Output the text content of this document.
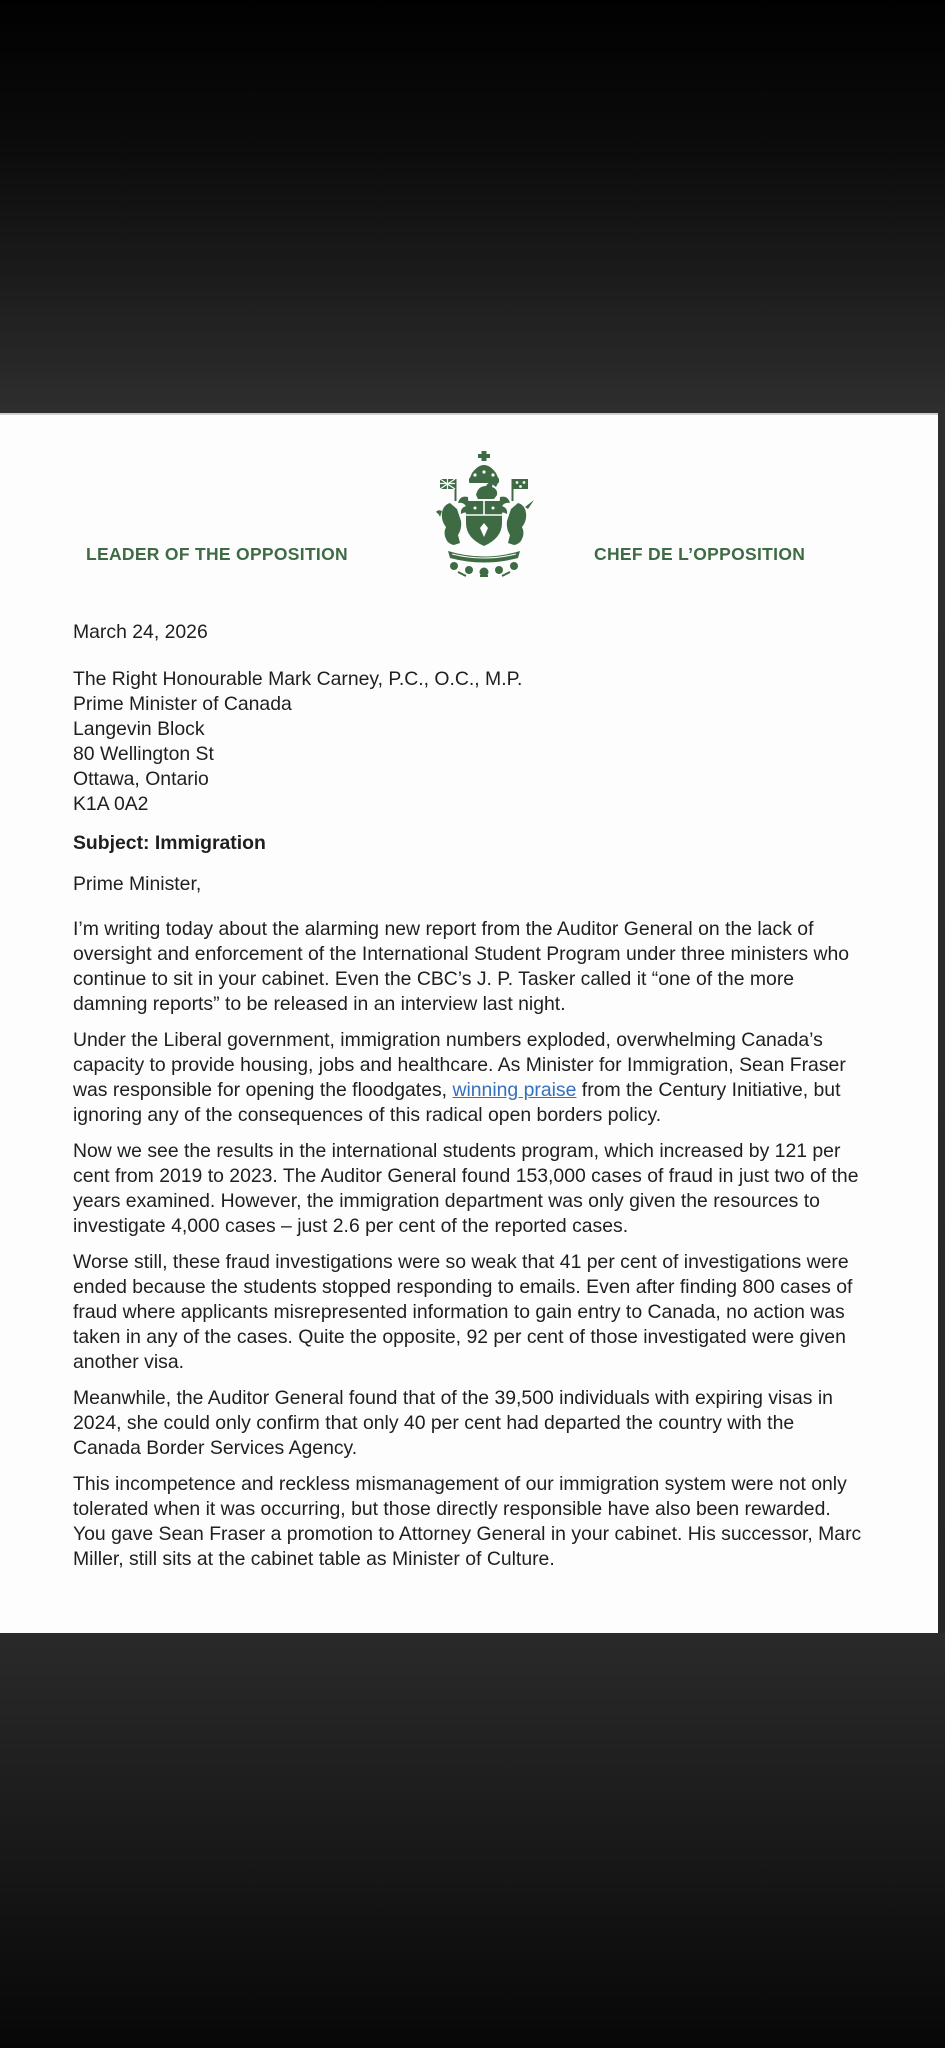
LEADER OF THE OPPOSITION	CHEF DE L’OPPOSITION
March 24, 2026
The Right Honourable Mark Carney, P.C., O.C., M.P.
Prime Minister of Canada
Langevin Block
80 Wellington St
Ottawa, Ontario
K1A 0A2
Subject: Immigration
Prime Minister,

I’m writing today about the alarming new report from the Auditor General on the lack of oversight and enforcement of the International Student Program under three ministers who continue to sit in your cabinet. Even the CBC’s J. P. Tasker called it “one of the more damning reports” to be released in an interview last night.

Under the Liberal government, immigration numbers exploded, overwhelming Canada’s capacity to provide housing, jobs and healthcare. As Minister for Immigration, Sean Fraser was responsible for opening the floodgates, winning praise from the Century Initiative, but ignoring any of the consequences of this radical open borders policy.

Now we see the results in the international students program, which increased by 121 per cent from 2019 to 2023. The Auditor General found 153,000 cases of fraud in just two of the years examined. However, the immigration department was only given the resources to investigate 4,000 cases – just 2.6 per cent of the reported cases.

Worse still, these fraud investigations were so weak that 41 per cent of investigations were ended because the students stopped responding to emails. Even after finding 800 cases of fraud where applicants misrepresented information to gain entry to Canada, no action was taken in any of the cases. Quite the opposite, 92 per cent of those investigated were given another visa.

Meanwhile, the Auditor General found that of the 39,500 individuals with expiring visas in 2024, she could only confirm that only 40 per cent had departed the country with the Canada Border Services Agency.

This incompetence and reckless mismanagement of our immigration system were not only tolerated when it was occurring, but those directly responsible have also been rewarded. You gave Sean Fraser a promotion to Attorney General in your cabinet. His successor, Marc Miller, still sits at the cabinet table as Minister of Culture.
